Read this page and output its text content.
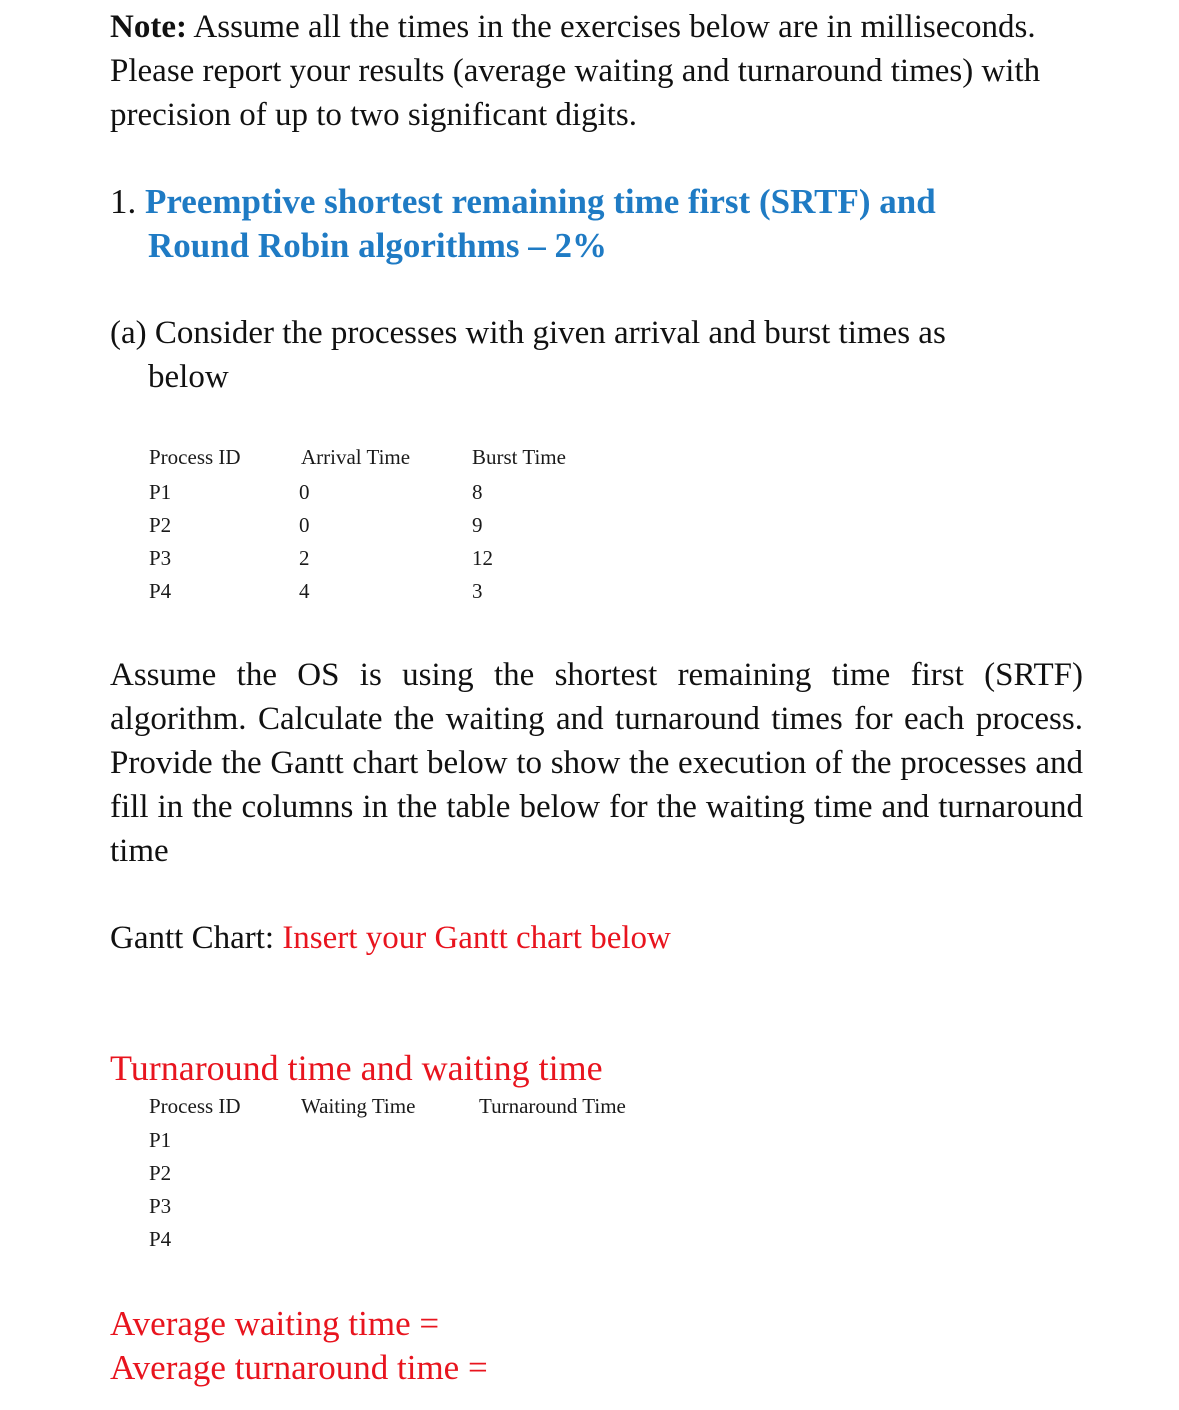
Note: Assume all the times in the exercises below are in milliseconds. Please report your results (average waiting and turnaround times) with precision of up to two significant digits.

1. Preemptive shortest remaining time first (SRTF) and
Round Robin algorithms – 2%

(a) Consider the processes with given arrival and burst times as
below

Process ID	Arrival Time	Burst Time
P1	0	8
P2	0	9
P3	2	12
P4	4	3

Assume the OS is using the shortest remaining time first (SRTF) algorithm. Calculate the waiting and turnaround times for each process. Provide the Gantt chart below to show the execution of the processes and fill in the columns in the table below for the waiting time and turnaround time

Gantt Chart: Insert your Gantt chart below

Turnaround time and waiting time
Process ID	Waiting Time	Turnaround Time
P1
P2
P3
P4
Average waiting time =
Average turnaround time =
